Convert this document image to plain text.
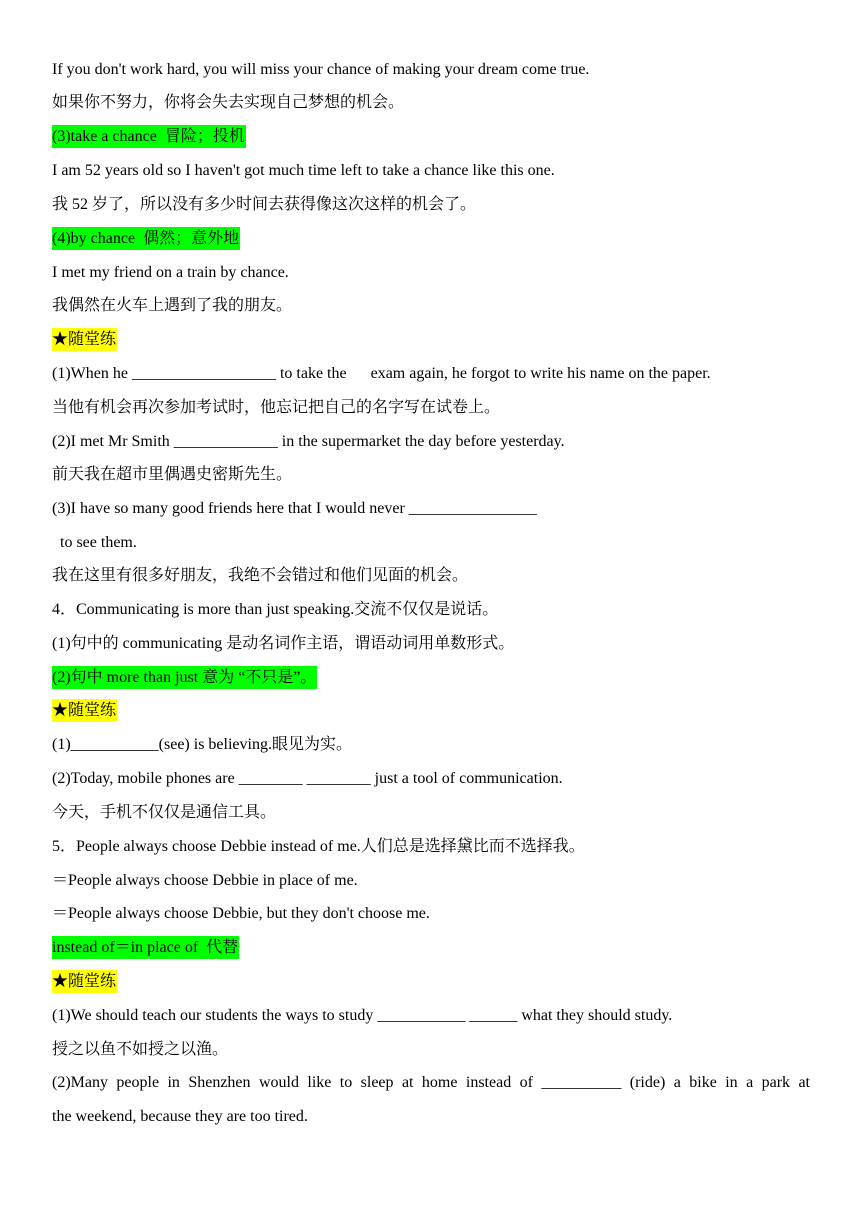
If you don't work hard, you will miss your chance of making your dream come true.
如果你不努力，你将会失去实现自己梦想的机会。
(3)take a chance  冒险；投机
I am 52 years old so I haven't got much time left to take a chance like this one.
我 52 岁了，所以没有多少时间去获得像这次这样的机会了。
(4)by chance  偶然；意外地
I met my friend on a train by chance.
我偶然在火车上遇到了我的朋友。
★随堂练
(1)When he __________________ to take the      exam again, he forgot to write his name on the paper.
当他有机会再次参加考试时，他忘记把自己的名字写在试卷上。
(2)I met Mr Smith _____________ in the supermarket the day before yesterday.
前天我在超市里偶遇史密斯先生。
(3)I have so many good friends here that I would never ________________
to see them.
我在这里有很多好朋友，我绝不会错过和他们见面的机会。
4．Communicating is more than just speaking.交流不仅仅是说话。
(1)句中的 communicating 是动名词作主语，谓语动词用单数形式。
(2)句中 more than just 意为 “不只是”。
★随堂练
(1)___________(see) is believing.眼见为实。
(2)Today, mobile phones are ________ ________ just a tool of communication.
今天，手机不仅仅是通信工具。
5．People always choose Debbie instead of me.人们总是选择黛比而不选择我。
＝People always choose Debbie in place of me.
＝People always choose Debbie, but they don't choose me.
instead of＝in place of  代替
★随堂练
(1)We should teach our students the ways to study ___________ ______ what they should study.
授之以鱼不如授之以渔。
(2)Many people in Shenzhen would like to sleep at home instead of __________ (ride) a bike in a park at
the weekend, because they are too tired.
